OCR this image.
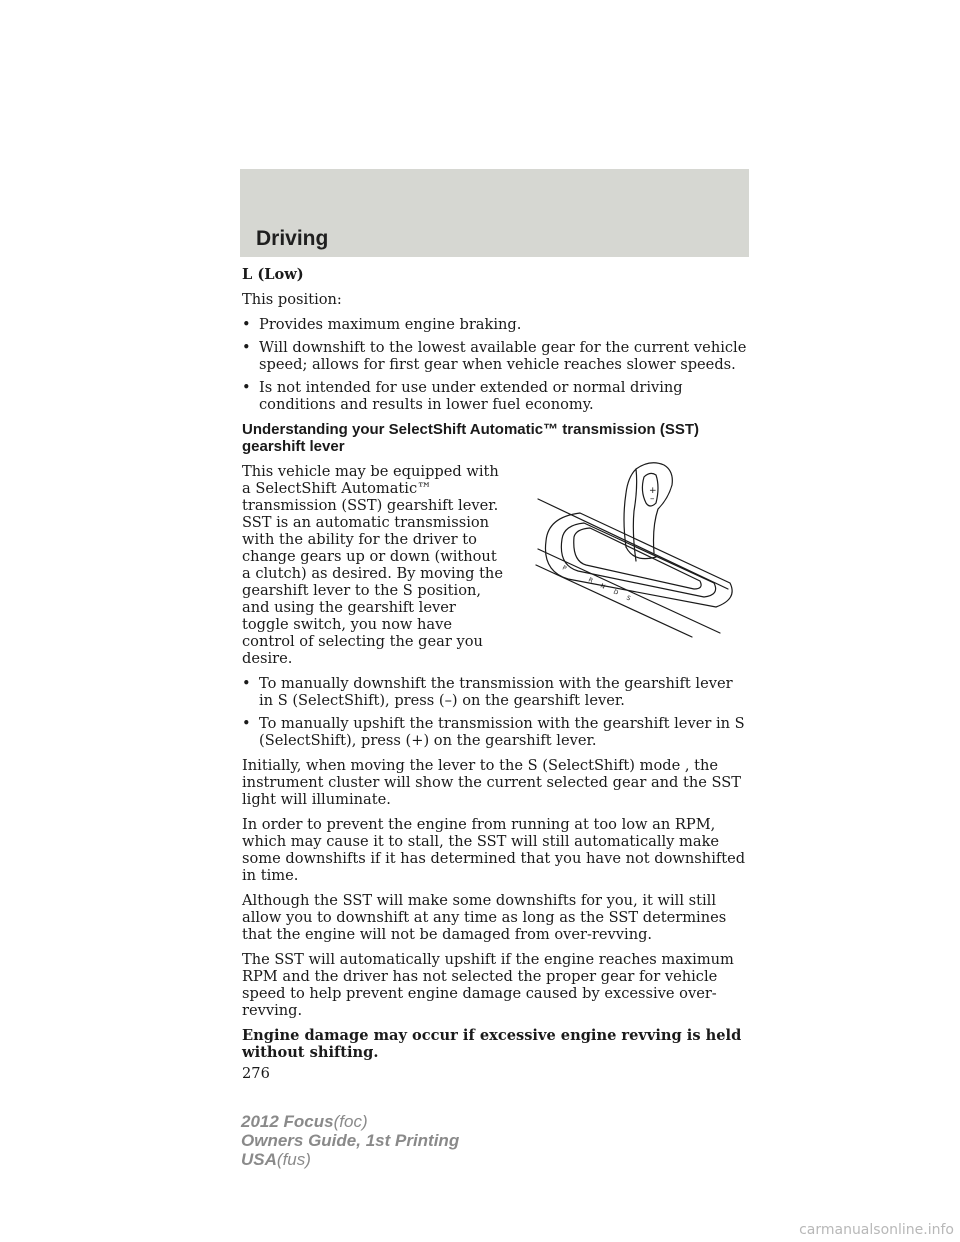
Driving

L (Low)

This position:

• Provides maximum engine braking.
• Will downshift to the lowest available gear for the current vehicle speed; allows for first gear when vehicle reaches slower speeds.
• Is not intended for use under extended or normal driving conditions and results in lower fuel economy.
Understanding your SelectShift Automatic™ transmission (SST) gearshift lever
+
–
P
R
N
D
S

This vehicle may be equipped with a SelectShift Automatic™ transmission (SST) gearshift lever. SST is an automatic transmission with the ability for the driver to change gears up or down (without a clutch) as desired. By moving the gearshift lever to the S position, and using the gearshift lever toggle switch, you now have control of selecting the gear you desire.

• To manually downshift the transmission with the gearshift lever in S (SelectShift), press (–) on the gearshift lever.
• To manually upshift the transmission with the gearshift lever in S (SelectShift), press (+) on the gearshift lever.

Initially, when moving the lever to the S (SelectShift) mode , the instrument cluster will show the current selected gear and the SST light will illuminate.

In order to prevent the engine from running at too low an RPM, which may cause it to stall, the SST will still automatically make some downshifts if it has determined that you have not downshifted in time.

Although the SST will make some downshifts for you, it will still allow you to downshift at any time as long as the SST determines that the engine will not be damaged from over-revving.

The SST will automatically upshift if the engine reaches maximum RPM and the driver has not selected the proper gear for vehicle speed to help prevent engine damage caused by excessive over-revving.

Engine damage may occur if excessive engine revving is held without shifting.

276
2012 Focus(foc)
Owners Guide, 1st Printing
USA(fus)
carmanualsonline.info
